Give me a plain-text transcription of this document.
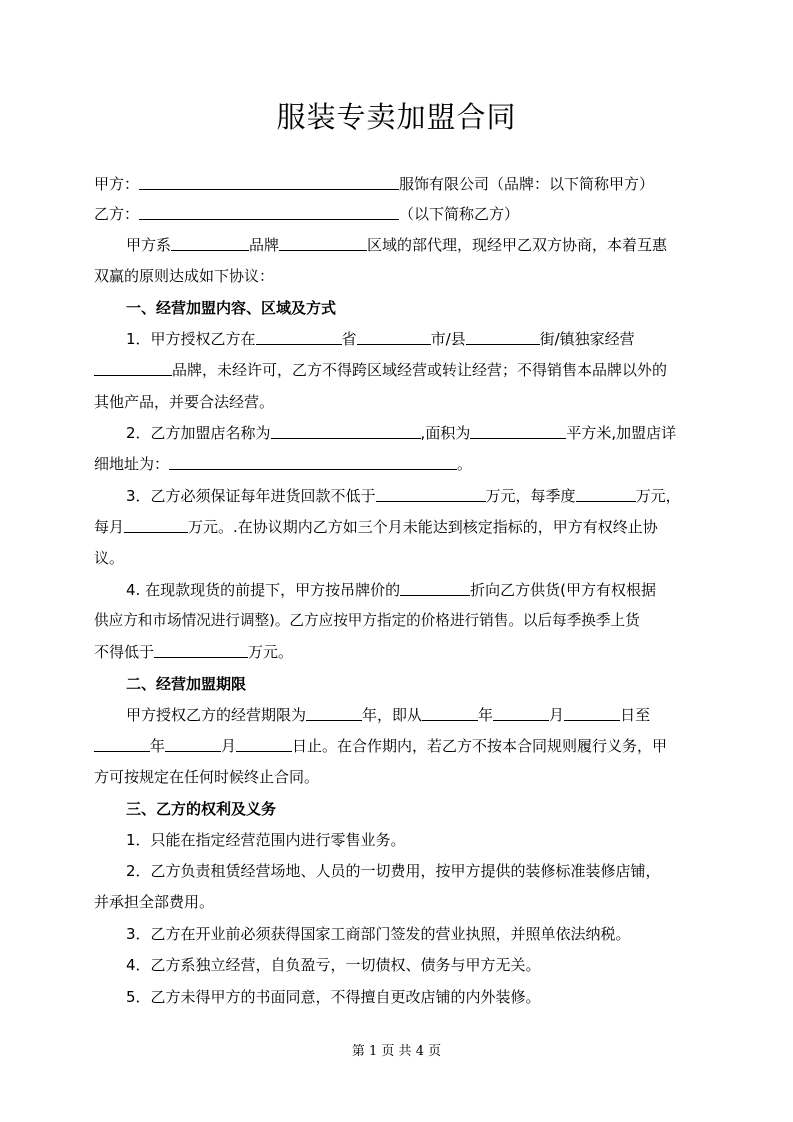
服装专卖加盟合同
甲方：	服饰有限公司（品牌：以下简称甲方）
乙方：	（以下简称乙方）
甲方系	品牌	区域的部代理，现经甲乙双方协商，本着互惠
双赢的原则达成如下协议：
一、经营加盟内容、区域及方式
1．甲方授权乙方在	省	市/县	街/镇独家经营
品牌，未经许可，乙方不得跨区域经营或转让经营；不得销售本品牌以外的
其他产品，并要合法经营。
2．乙方加盟店名称为	,面积为	平方米,加盟店详
细地址为：	。
3．乙方必须保证每年进货回款不低于	万元，每季度	万元，
每月	万元。.在协议期内乙方如三个月未能达到核定指标的，甲方有权终止协
议。
4. 在现款现货的前提下，甲方按吊牌价的	折向乙方供货(甲方有权根据
供应方和市场情况进行调整)。乙方应按甲方指定的价格进行销售。以后每季换季上货
不得低于	万元。
二、经营加盟期限
甲方授权乙方的经营期限为	年，即从	年	月	日至
年	月	日止。在合作期内，若乙方不按本合同规则履行义务，甲
方可按规定在任何时候终止合同。
三、乙方的权利及义务
1．只能在指定经营范围内进行零售业务。
2．乙方负责租赁经营场地、人员的一切费用，按甲方提供的装修标准装修店铺，
并承担全部费用。
3．乙方在开业前必须获得国家工商部门签发的营业执照，并照单依法纳税。
4．乙方系独立经营，自负盈亏，一切债权、债务与甲方无关。
5．乙方未得甲方的书面同意，不得擅自更改店铺的内外装修。
第 1 页 共 4 页
